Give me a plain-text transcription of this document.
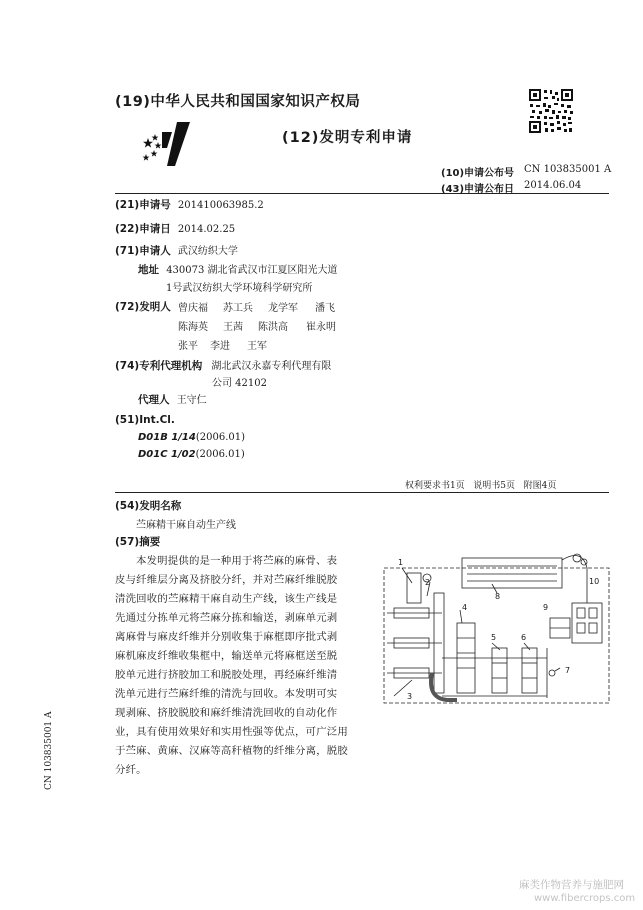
(19)中华人民共和国国家知识产权局
(12)发明专利申请
(10)申请公布号 CN 103835001 A
(43)申请公布日 2014.06.04
(21)申请号 201410063985.2
(22)申请日 2014.02.25
(71)申请人 武汉纺织大学
地址 430073 湖北省武汉市江夏区阳光大道
1号武汉纺织大学环境科学研究所
(72)发明人 曾庆福 苏工兵 龙学军 潘飞
陈海英 王茜 陈洪高 崔永明
张平 李进 王军
(74)专利代理机构 湖北武汉永嘉专利代理有限
公司 42102
代理人 王守仁
(51)Int.Cl.
D01B 1/14(2006.01)
D01C 1/02(2006.01)
权利要求书1页   说明书5页   附图4页
(54)发明名称
苎麻精干麻自动生产线
(57)摘要
本发明提供的是一种用于将苎麻的麻骨、表
皮与纤维层分离及挤胶分纤，并对苎麻纤维脱胶
清洗回收的苎麻精干麻自动生产线，该生产线是
先通过分拣单元将苎麻分拣和输送，剥麻单元剥
离麻骨与麻皮纤维并分别收集于麻框即序批式剥
麻机麻皮纤维收集框中，输送单元将麻框送至脱
胶单元进行挤胶加工和脱胶处理，再经麻纤维清
洗单元进行苎麻纤维的清洗与回收。本发明可实
现剥麻、挤胶脱胶和麻纤维清洗回收的自动化作
业，具有使用效果好和实用性强等优点，可广泛用
于苎麻、黄麻、汉麻等高秆植物的纤维分离，脱胶
分纤。
1
2
3
4
5	6
7
8
9
10
CN 103835001 A
麻类作物营养与施肥网
www.fibercrops.com
